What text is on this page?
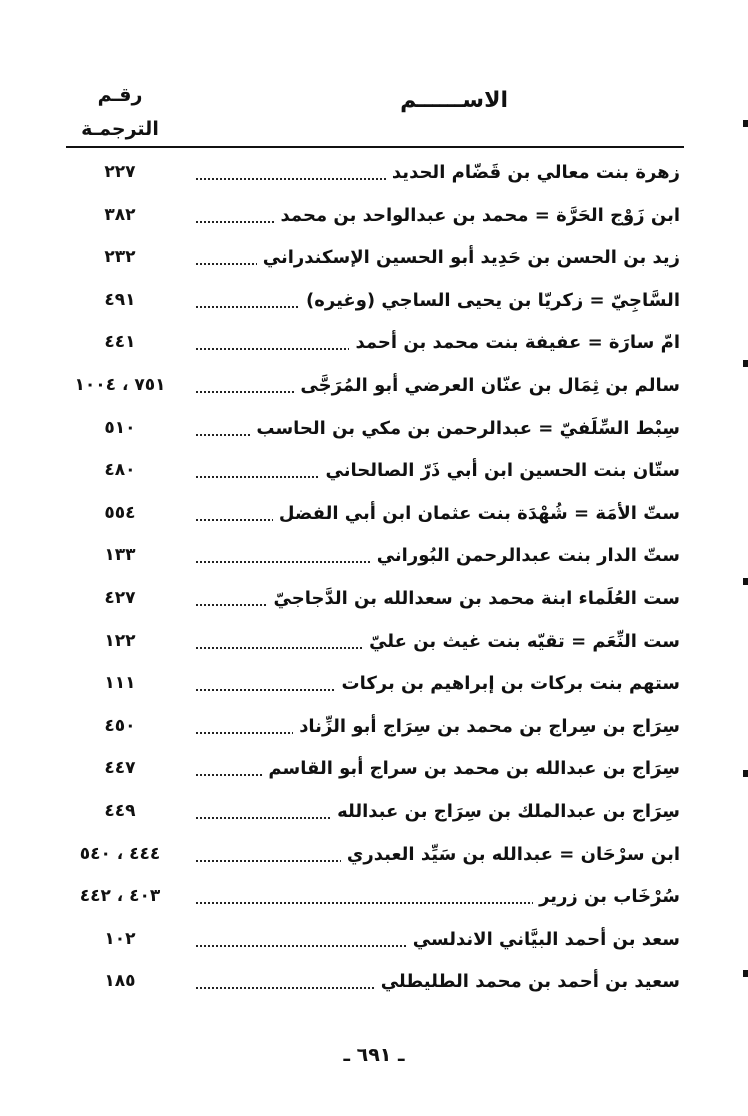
رقـم
الترجمـة
الاســــــم
زهرة بنت معالي بن قَضّام الحديد
٢٢٧
ابن زَوْج الحَرَّة = محمد بن عبدالواحد بن محمد
٣٨٢
زيد بن الحسن بن حَدِيد أبو الحسين الإسكندراني
٢٣٢
السَّاجِيّ = زكريّا بن يحيى الساجي (وغيره)
٤٩١
امّ سارَة = عفيفة بنت محمد بن أحمد
٤٤١
سالم بن ثِمَال بن عنّان العرضي أبو المُرَجَّى
٧٥١ ، ١٠٠٤
سِبْط السِّلَفيّ = عبدالرحمن بن مكي بن الحاسب
٥١٠
ستّان بنت الحسين ابن أبي ذَرّ الصالحاني
٤٨٠
ستّ الأمَة = شُهْدَة بنت عثمان ابن أبي الفضل
٥٥٤
ستّ الدار بنت عبدالرحمن البُوراني
١٣٣
ست العُلَماء ابنة محمد بن سعدالله بن الدَّجاجيّ
٤٢٧
ست النِّعَم = تقيّه بنت غيث بن عليّ
١٢٢
ستهم بنت بركات بن إبراهيم بن بركات
١١١
سِرَاج بن سِراج بن محمد بن سِرَاج أبو الزِّناد
٤٥٠
سِرَاج بن عبدالله بن محمد بن سراج أبو القاسم
٤٤٧
سِرَاج بن عبدالملك بن سِرَاج بن عبدالله
٤٤٩
ابن سرْحَان = عبدالله بن سَيِّد العبدري
٤٤٤ ، ٥٤٠
سُرْخَاب بن زرير
٤٠٣ ، ٤٤٢
سعد بن أحمد البيَّاني الاندلسي
١٠٢
سعيد بن أحمد بن محمد الطليطلي
١٨٥
ـ ٦٩١ ـ
